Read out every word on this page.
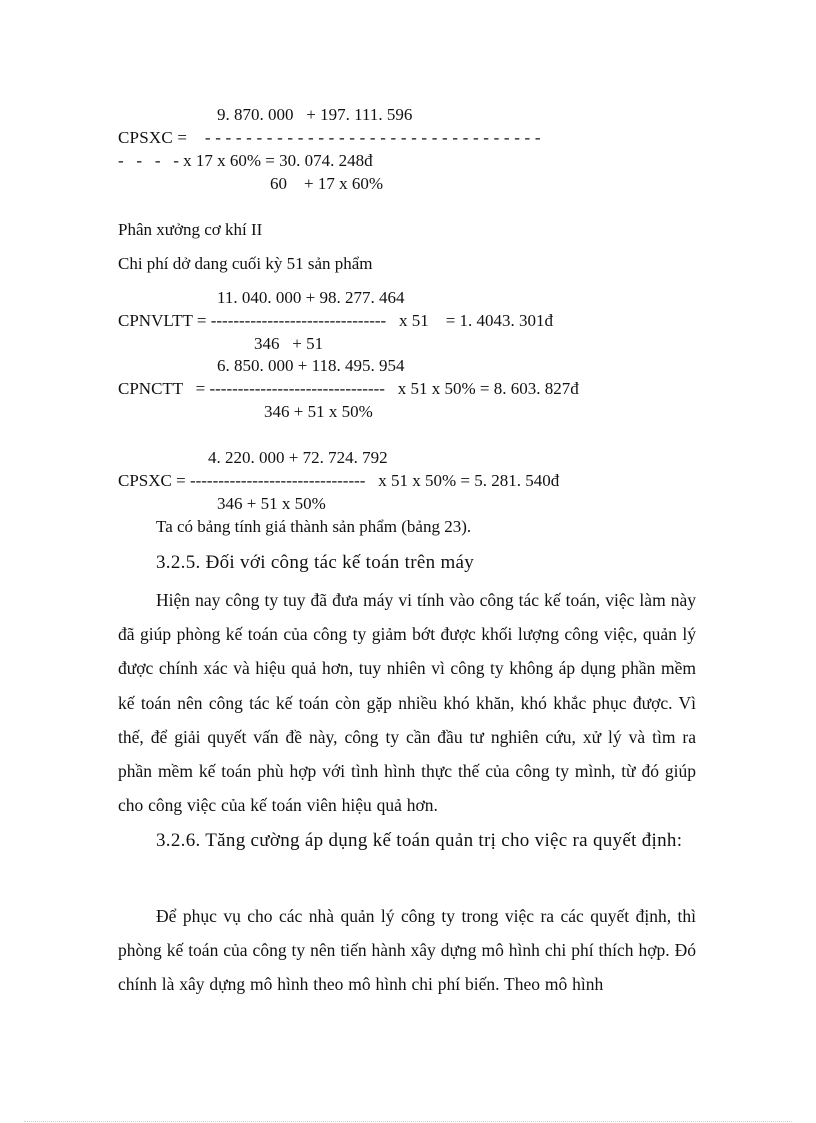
9. 870. 000   + 197. 111. 596
CPSXC =    - - - - - - - - - - - - - - - - - - - - - - - - - - - - - - - - -
-   -   -   - x 17 x 60% = 30. 074. 248đ
60    + 17 x 60%
Phân xưởng cơ khí II
Chi phí dở dang cuối kỳ 51 sản phẩm
11. 040. 000 + 98. 277. 464
CPNVLTT = -------------------------------   x 51    = 1. 4043. 301đ
346   + 51
6. 850. 000 + 118. 495. 954
CPNCTT   = -------------------------------   x 51 x 50% = 8. 603. 827đ
346 + 51 x 50%
4. 220. 000 + 72. 724. 792
CPSXC = -------------------------------   x 51 x 50% = 5. 281. 540đ
346 + 51 x 50%
Ta có bảng tính giá thành sản phẩm (bảng 23).
3.2.5. Đối với công tác kế toán trên máy
Hiện nay công ty tuy đã đưa máy vi tính vào công tác kế toán, việc làm này đã giúp phòng kế toán của công ty giảm bớt được khối lượng công việc, quản lý được chính xác và hiệu quả hơn, tuy nhiên vì công ty không áp dụng phần mềm kế toán nên công tác kế toán còn gặp nhiều khó khăn, khó khắc phục được. Vì thế, để giải quyết vấn đề này, công ty cần đầu tư nghiên cứu, xử lý và tìm ra phần mềm kế toán phù hợp với tình hình thực thế của công ty mình, từ đó giúp cho công việc của kế toán viên hiệu quả hơn.
3.2.6. Tăng cường áp dụng kế toán quản trị cho việc ra quyết định:
Để phục vụ cho các nhà quản lý công ty trong việc ra các quyết định, thì phòng kế toán của công ty nên tiến hành xây dựng mô hình chi phí thích hợp. Đó chính là xây dựng mô hình theo mô hình chi phí biến. Theo mô hình
